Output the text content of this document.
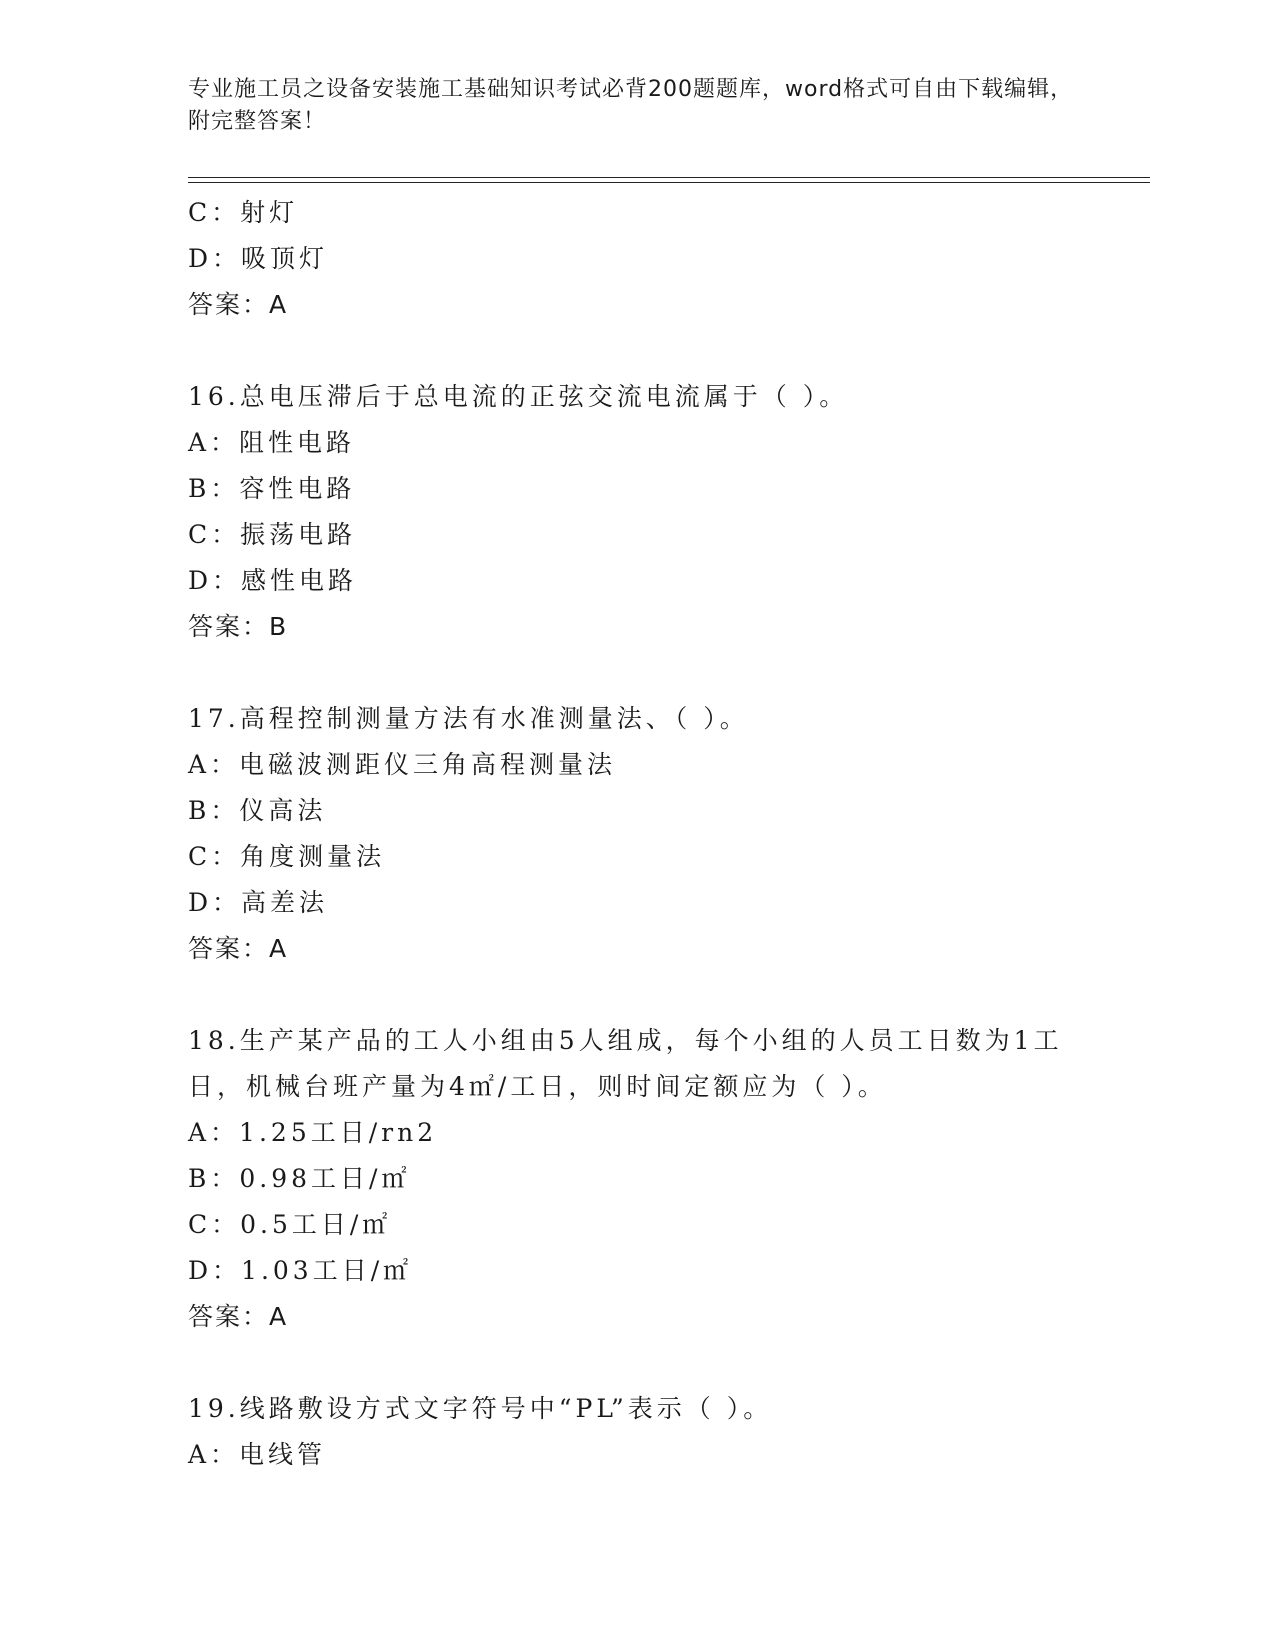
专业施工员之设备安装施工基础知识考试必背200题题库，word格式可自由下载编辑，附完整答案！
C：射灯
D：吸顶灯
答案：A
16.总电压滞后于总电流的正弦交流电流属于（ ）。
A：阻性电路
B：容性电路
C：振荡电路
D：感性电路
答案：B
17.高程控制测量方法有水准测量法、（ ）。
A：电磁波测距仪三角高程测量法
B：仪高法
C：角度测量法
D：高差法
答案：A
18.生产某产品的工人小组由5人组成，每个小组的人员工日数为1工日，机械台班产量为4㎡/工日，则时间定额应为（ ）。
A：1.25工日/rn2
B：0.98工日/㎡
C：0.5工日/㎡
D：1.03工日/㎡
答案：A
19.线路敷设方式文字符号中“PL”表示（ ）。
A：电线管
